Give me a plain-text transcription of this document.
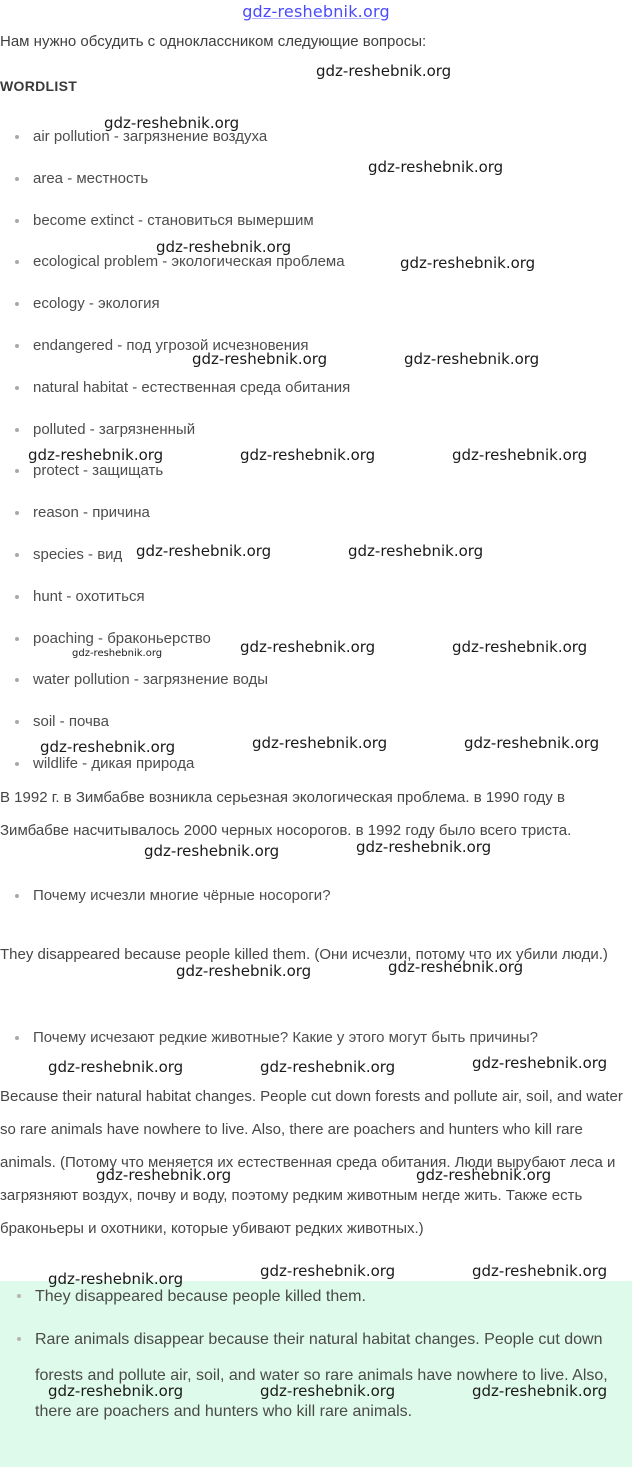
gdz-reshebnik.org
Нам нужно обсудить с одноклассником следующие вопросы:
WORDLIST
air pollution - загрязнение воздуха
area - местность
become extinct - становиться вымершим
ecological problem - экологическая проблема
ecology - экология
endangered - под угрозой исчезновения
natural habitat - естественная среда обитания
polluted - загрязненный
protect - защищать
reason - причина
species - вид
hunt - охотиться
poaching - браконьерство
water pollution - загрязнение воды
soil - почва
wildlife - дикая природа

В 1992 г. в Зимбабве возникла серьезная экологическая проблема. в 1990 году в Зимбабве насчитывалось 2000 черных носорогов. в 1992 году было всего триста.

Почему исчезли многие чёрные носороги?

They disappeared because people killed them. (Они исчезли, потому что их убили люди.)

Почему исчезают редкие животные? Какие у этого могут быть причины?

Because their natural habitat changes. People cut down forests and pollute air, soil, and water so rare animals have nowhere to live. Also, there are poachers and hunters who kill rare animals. (Потому что меняется их естественная среда обитания. Люди вырубают леса и загрязняют воздух, почву и воду, поэтому редким животным негде жить. Также есть браконьеры и охотники, которые убивают редких животных.)

They disappeared because people killed them.
Rare animals disappear because their natural habitat changes. People cut down forests and pollute air, soil, and water so rare animals have nowhere to live. Also, there are poachers and hunters who kill rare animals.
gdz-reshebnik.org
gdz-reshebnik.org
gdz-reshebnik.org
gdz-reshebnik.org
gdz-reshebnik.org
gdz-reshebnik.org	gdz-reshebnik.org
gdz-reshebnik.org	gdz-reshebnik.org	gdz-reshebnik.org
gdz-reshebnik.org	gdz-reshebnik.org
gdz-reshebnik.org	gdz-reshebnik.org
gdz-reshebnik.org
gdz-reshebnik.org	gdz-reshebnik.org	gdz-reshebnik.org
gdz-reshebnik.org	gdz-reshebnik.org
gdz-reshebnik.org	gdz-reshebnik.org
gdz-reshebnik.org	gdz-reshebnik.org	gdz-reshebnik.org
gdz-reshebnik.org	gdz-reshebnik.org
gdz-reshebnik.org	gdz-reshebnik.org	gdz-reshebnik.org
gdz-reshebnik.org	gdz-reshebnik.org	gdz-reshebnik.org
